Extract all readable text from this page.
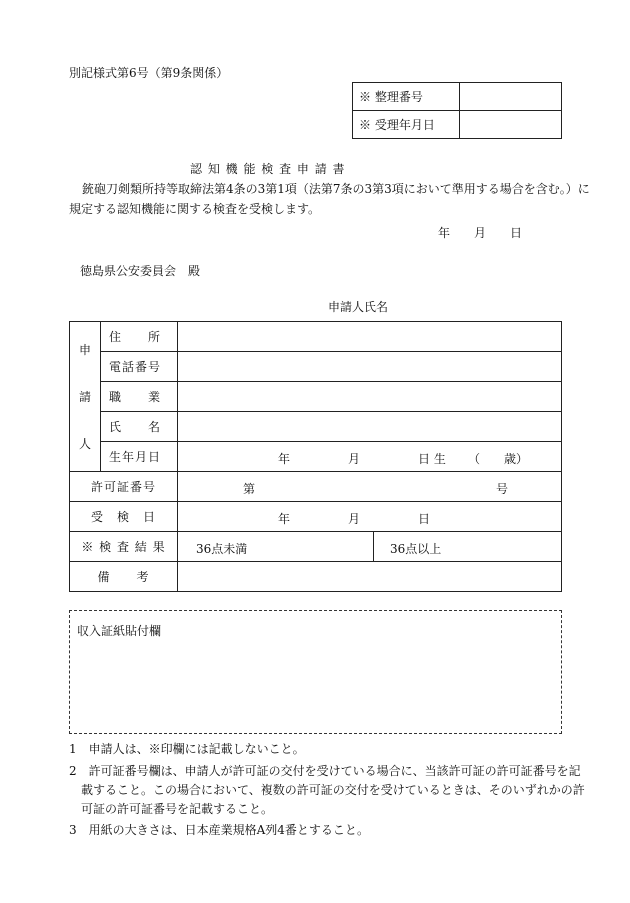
別記様式第6号（第9条関係）
※ 整理番号	
※ 受理年月日	
認 知 機 能 検 査 申 請 書
銃砲刀剣類所持等取締法第4条の3第1項（法第7条の3第3項において準用する場合を含む。）に
規定する認知機能に関する検査を受検します。
年 月 日
徳島県公安委員会　殿
申請人氏名
申
請
人	住　　所	
	電話番号	
	職　　業	
	氏　　名	
	生年月日	年 月 日 生 （ 歳）

許可証番号		第 号

受　検　日		年 月 日

※ 検 査 結 果		36点未満 36点以上

備　　考		
収入証紙貼付欄
1　申請人は、※印欄には記載しないこと。
2　許可証番号欄は、申請人が許可証の交付を受けている場合に、当該許可証の許可証番号を記
　載すること。この場合において、複数の許可証の交付を受けているときは、そのいずれかの許
　可証の許可証番号を記載すること。
3　用紙の大きさは、日本産業規格A列4番とすること。
